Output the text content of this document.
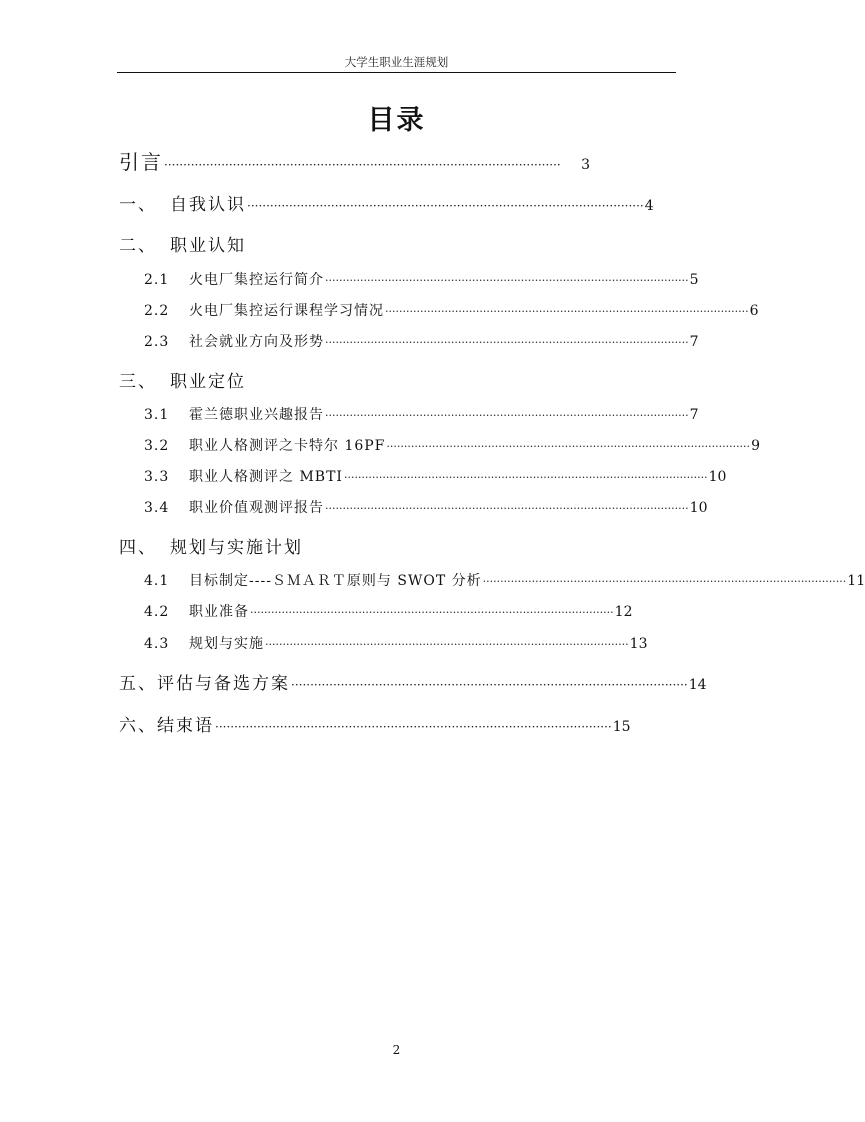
大学生职业生涯规划
目录
引言 ········································································································	3
一、 自我认识 ········································································································ 4
二、 职业认知
2.1	火电厂集控运行简介 ········································································································ 5
2.2	火电厂集控运行课程学习情况 ········································································································ 6
2.3	社会就业方向及形势 ········································································································ 7
三、 职业定位
3.1	霍兰德职业兴趣报告 ········································································································ 7
3.2	职业人格测评之卡特尔 16PF ········································································································ 9
3.3	职业人格测评之 MBTI ········································································································ 10
3.4	职业价值观测评报告 ········································································································ 10
四、 规划与实施计划
4.1	目标制定----ＳＭＡＲＴ原则与 SWOT 分析 ········································································································ 11
4.2	职业准备 ········································································································ 12
4.3	规划与实施 ········································································································ 13
五、 评估与备选方案 ········································································································ 14
六、 结束语 ········································································································ 15
2
